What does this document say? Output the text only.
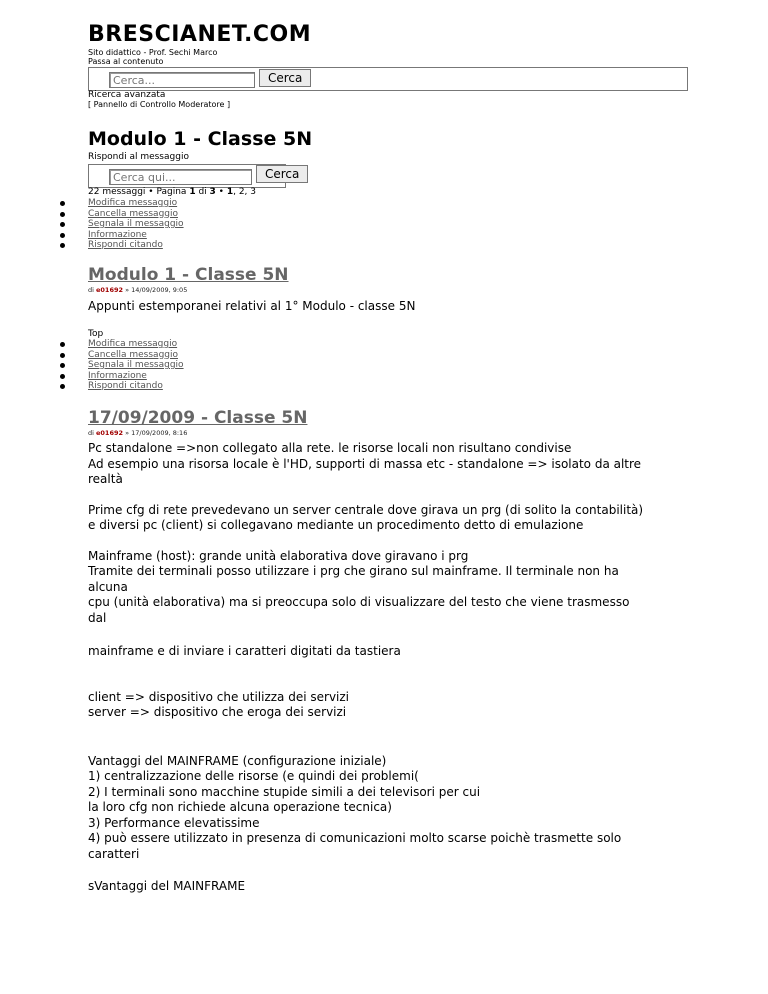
BRESCIANET.COM
Sito didattico - Prof. Sechi Marco
Passa al contenuto
Cerca...
Cerca
Ricerca avanzata
[ Pannello di Controllo Moderatore ]
Modulo 1 - Classe 5N
Rispondi al messaggio
Cerca qui...
Cerca
22 messaggi • Pagina 1 di 3 • 1, 2, 3
Modifica messaggio
Cancella messaggio
Segnala il messaggio
Informazione
Rispondi citando
Modulo 1 - Classe 5N
di e01692 » 14/09/2009, 9:05

Appunti estemporanei relativi al 1° Modulo - classe 5N

Top
Modifica messaggio
Cancella messaggio
Segnala il messaggio
Informazione
Rispondi citando
17/09/2009 - Classe 5N
di e01692 » 17/09/2009, 8:16

Pc standalone =>non collegato alla rete. le risorse locali non risultano condivise
Ad esempio una risorsa locale è l'HD, supporti di massa etc - standalone => isolato da altre
realtà

Prime cfg di rete prevedevano un server centrale dove girava un prg (di solito la contabilità)
e diversi pc (client) si collegavano mediante un procedimento detto di emulazione

Mainframe (host): grande unità elaborativa dove giravano i prg
Tramite dei terminali posso utilizzare i prg che girano sul mainframe. Il terminale non ha
alcuna
cpu (unità elaborativa) ma si preoccupa solo di visualizzare del testo che viene trasmesso
dal

mainframe e di inviare i caratteri digitati da tastiera

client => dispositivo che utilizza dei servizi
server => dispositivo che eroga dei servizi

Vantaggi del MAINFRAME (configurazione iniziale)
1) centralizzazione delle risorse (e quindi dei problemi(
2) I terminali sono macchine stupide simili a dei televisori per cui
la loro cfg non richiede alcuna operazione tecnica)
3) Performance elevatissime
4) può essere utilizzato in presenza di comunicazioni molto scarse poichè trasmette solo
caratteri

sVantaggi del MAINFRAME
